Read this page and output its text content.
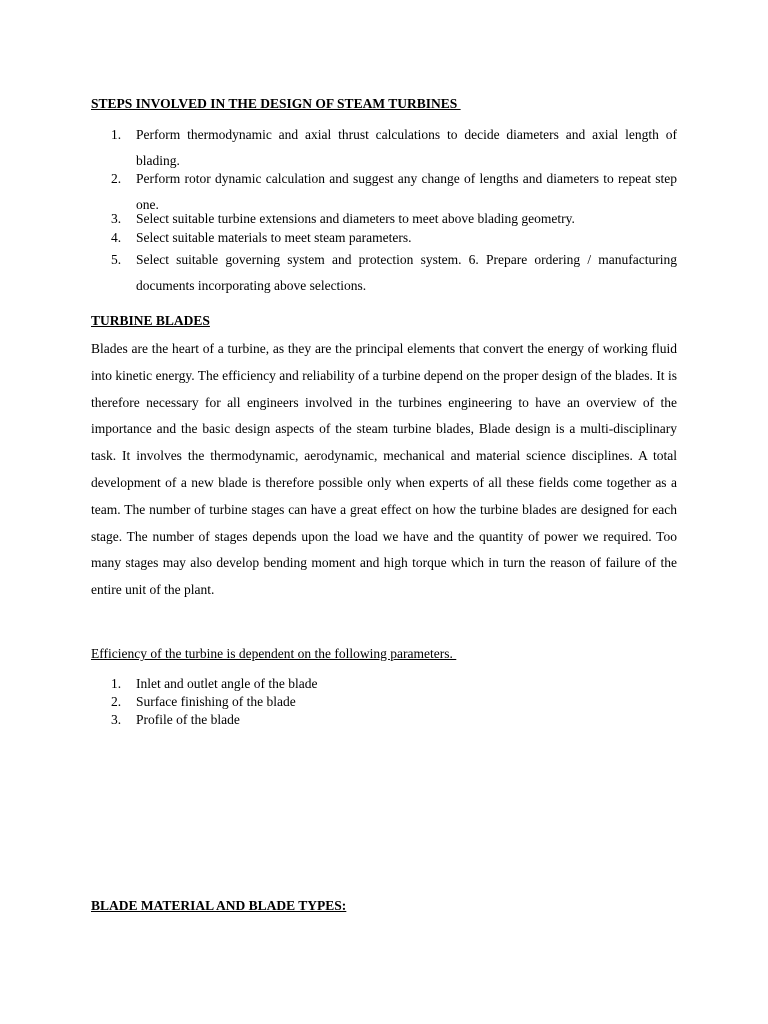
STEPS INVOLVED IN THE DESIGN OF STEAM TURBINES
1. Perform thermodynamic and axial thrust calculations to decide diameters and axial length of blading.
2. Perform rotor dynamic calculation and suggest any change of lengths and diameters to repeat step one.
3. Select suitable turbine extensions and diameters to meet above blading geometry.
4. Select suitable materials to meet steam parameters.
5. Select suitable governing system and protection system. 6. Prepare ordering / manufacturing documents incorporating above selections.
TURBINE BLADES

Blades are the heart of a turbine, as they are the principal elements that convert the energy of working fluid into kinetic energy. The efficiency and reliability of a turbine depend on the proper design of the blades. It is therefore necessary for all engineers involved in the turbines engineering to have an overview of the importance and the basic design aspects of the steam turbine blades, Blade design is a multi-disciplinary task. It involves the thermodynamic, aerodynamic, mechanical and material science disciplines. A total development of a new blade is therefore possible only when experts of all these fields come together as a team. The number of turbine stages can have a great effect on how the turbine blades are designed for each stage. The number of stages depends upon the load we have and the quantity of power we required. Too many stages may also develop bending moment and high torque which in turn the reason of failure of the entire unit of the plant.

Efficiency of the turbine is dependent on the following parameters.
1. Inlet and outlet angle of the blade
2. Surface finishing of the blade
3. Profile of the blade
BLADE MATERIAL AND BLADE TYPES:
